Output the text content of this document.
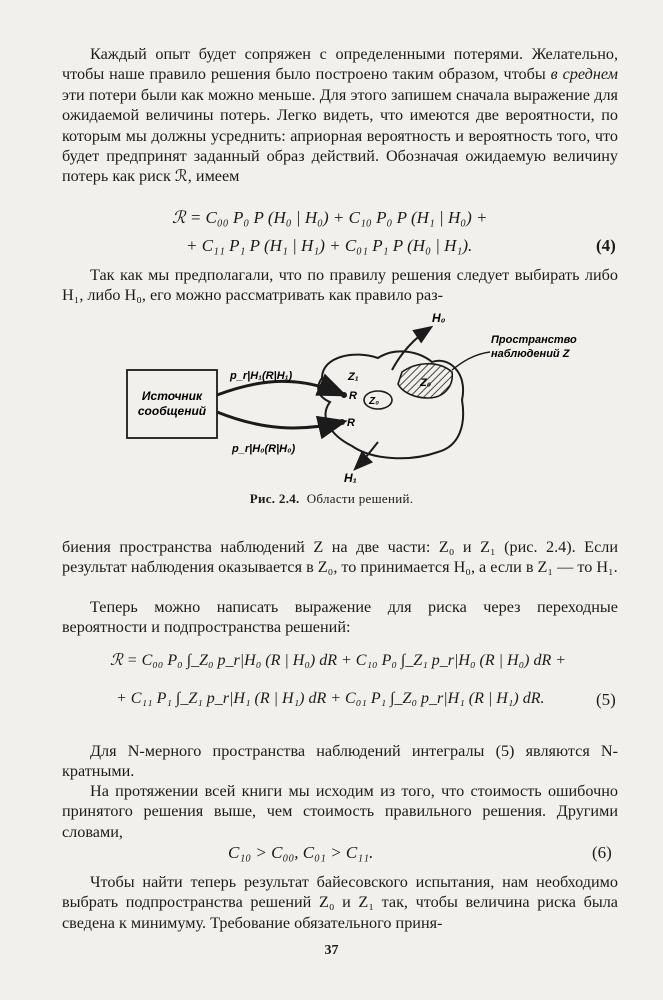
Каждый опыт будет сопряжен с определенными потерями. Желательно, чтобы наше правило решения было построено таким образом, чтобы в среднем эти потери были как можно меньше. Для этого запишем сначала выражение для ожидаемой величины потерь. Легко видеть, что имеются две вероятности, по которым мы должны усреднить: априорная вероятность и вероятность того, что будет предпринят заданный образ действий. Обозначая ожидаемую величину потерь как риск ℛ, имеем

ℛ = C₀₀ P₀ P (H₀ | H₀) + C₁₀ P₀ P (H₁ | H₀) +
+ C₁₁ P₁ P (H₁ | H₁) + C₀₁ P₁ P (H₀ | H₁).	(4)

Так как мы предполагали, что по правилу решения следует выбирать либо H₁, либо H₀, его можно рассматривать как правило раз-

Источник
сообщений
p_r|H₁(R|H₁)
p_r|H₀(R|H₀)
Z₀
Z₀
Z₁
R
R
H₀
H₁
Пространство
наблюдений Z
Рис. 2.4. Области решений.

биения пространства наблюдений Z на две части: Z₀ и Z₁ (рис. 2.4). Если результат наблюдения оказывается в Z₀, то принимается H₀, а если в Z₁ — то H₁.

Теперь можно написать выражение для риска через переходные вероятности и подпространства решений:

ℛ = C₀₀ P₀ ∫_Z₀ p_r|H₀ (R | H₀) dR + C₁₀ P₀ ∫_Z₁ p_r|H₀ (R | H₀) dR +
+ C₁₁ P₁ ∫_Z₁ p_r|H₁ (R | H₁) dR + C₀₁ P₁ ∫_Z₀ p_r|H₁ (R | H₁) dR.	(5)

Для N-мерного пространства наблюдений интегралы (5) являются N-кратными.

На протяжении всей книги мы исходим из того, что стоимость ошибочно принятого решения выше, чем стоимость правильного решения. Другими словами,

C₁₀ > C₀₀, C₀₁ > C₁₁.	(6)

Чтобы найти теперь результат байесовского испытания, нам необходимо выбрать подпространства решений Z₀ и Z₁ так, чтобы величина риска была сведена к минимуму. Требование обязательного приня-

37
